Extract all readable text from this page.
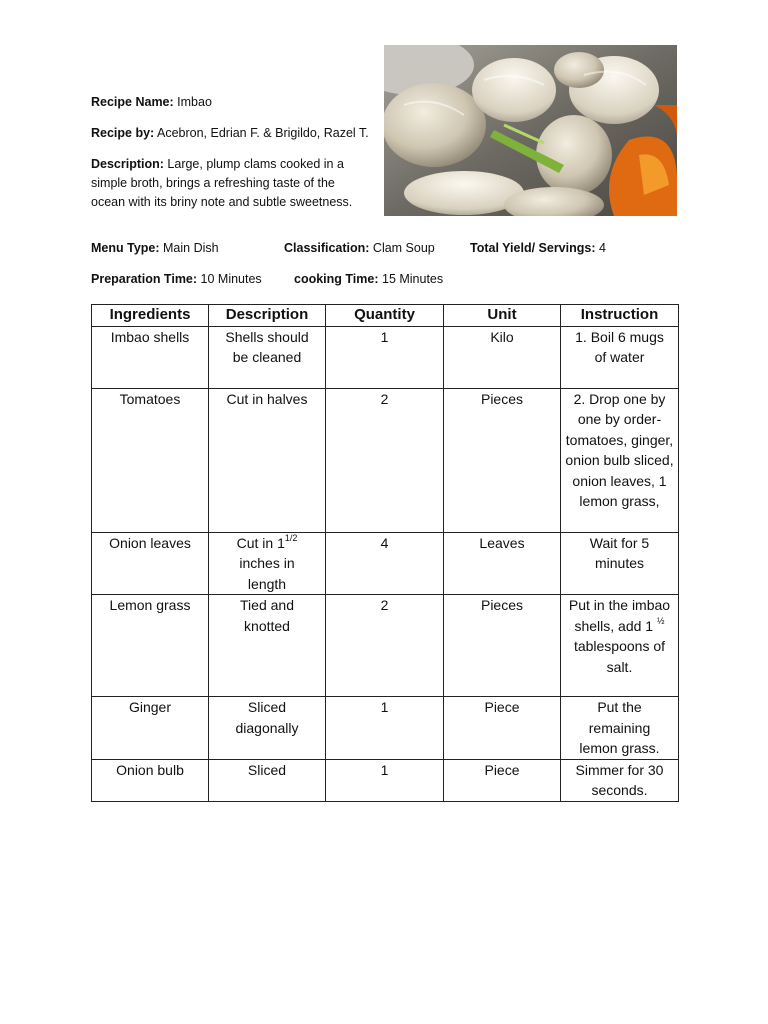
Recipe Name: Imbao
Recipe by: Acebron, Edrian F. & Brigildo, Razel T.
Description: Large, plump clams cooked in a simple broth, brings a refreshing taste of the ocean with its briny note and subtle sweetness.
Menu Type: Main Dish	Classification: Clam Soup	Total Yield/ Servings: 4
Preparation Time: 10 Minutes	cooking Time: 15 Minutes
Ingredients	Description	Quantity	Unit	Instruction
Imbao shells	Shells should be cleaned	1	Kilo	1. Boil 6 mugs of water
Tomatoes	Cut in halves	2	Pieces	2. Drop one by one by order- tomatoes, ginger, onion bulb sliced, onion leaves, 1 lemon grass,
Onion leaves	Cut in $1^{1/2}$ inches in length	4	Leaves	Wait for 5 minutes
Lemon grass	Tied and knotted	2	Pieces	Put in the imbao shells, add 1 $^{\frac{1}{2}}$ tablespoons of salt.
Ginger	Sliced diagonally	1	Piece	Put the remaining lemon grass.
Onion bulb	Sliced	1	Piece	Simmer for 30 seconds.
